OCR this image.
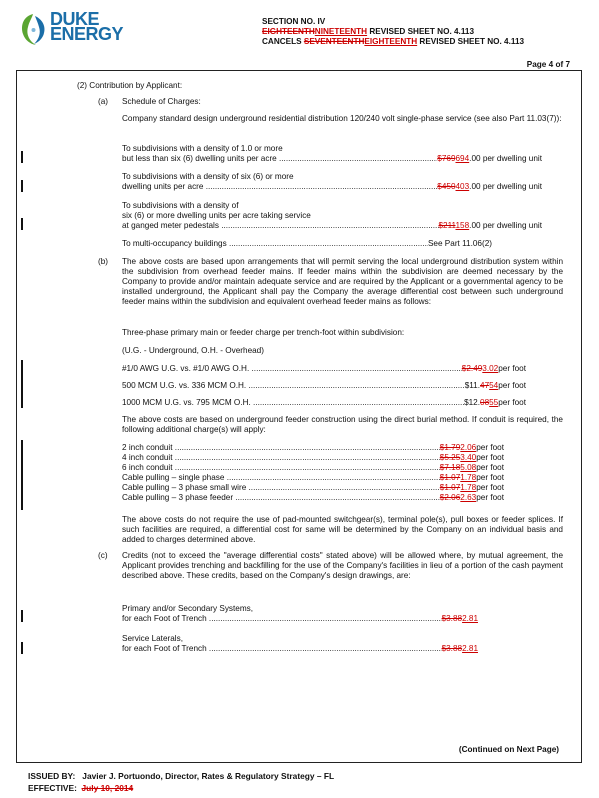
DUKE
ENERGY
SECTION NO. IV
EIGHTEENTHNINETEENTH REVISED SHEET NO. 4.113
CANCELS SEVENTEENTHEIGHTEENTH REVISED SHEET NO. 4.113
Page 4 of 7
(2) Contribution by Applicant:
(a) Schedule of Charges:
Company standard design underground residential distribution 120/240 volt single-phase service (see also Part 11.03(7)):
To subdivisions with a density of 1.0 or more
but less than six (6) dwelling units per acre .....	$769694.00 per dwelling unit
To subdivisions with a density of six (6) or more
dwelling units per acre .....	$450403.00 per dwelling unit
To subdivisions with a density of
six (6) or more dwelling units per acre taking service
at ganged meter pedestals .....	$211158.00 per dwelling unit
To multi-occupancy buildings .....	See Part 11.06(2)
(b) The above costs are based upon arrangements that will permit serving the local underground distribution system within the subdivision from overhead feeder mains. If feeder mains within the subdivision are deemed necessary by the Company to provide and/or maintain adequate service and are required by the Applicant or a governmental agency to be installed underground, the Applicant shall pay the Company the average differential cost between such underground feeder mains within the subdivision and equivalent overhead feeder mains as follows:
Three-phase primary main or feeder charge per trench-foot within subdivision:
(U.G. - Underground, O.H. - Overhead)
#1/0 AWG U.G. vs. #1/0 AWG O.H. .....	$2.493.02per foot
500 MCM U.G. vs. 336 MCM O.H. .....	$11.4754per foot
1000 MCM U.G. vs. 795 MCM O.H. .....	$12.0855per foot
The above costs are based on underground feeder construction using the direct burial method. If conduit is required, the following additional charge(s) will apply:
2 inch conduit .....	$1.79 2.06 per foot
4 inch conduit .....	$5.25 3.40 per foot
6 inch conduit .....	$7.18 5.08 per foot
Cable pulling – single phase .....	$1.07 1.78 per foot
Cable pulling – 3 phase small wire .....	$1.07 1.78 per foot
Cable pulling – 3 phase feeder .....	$2.06 2.63 per foot
The above costs do not require the use of pad-mounted switchgear(s), terminal pole(s), pull boxes or feeder splices. If such facilities are required, a differential cost for same will be determined by the Company on an individual basis and added to charges determined above.
(c) Credits (not to exceed the "average differential costs" stated above) will be allowed where, by mutual agreement, the Applicant provides trenching and backfilling for the use of the Company's facilities in lieu of a portion of the cash payment described above. These credits, based on the Company's design drawings, are:
Primary and/or Secondary Systems,
for each Foot of Trench .....	$3.88 2.81
Service Laterals,
for each Foot of Trench .....	$3.88 2.81
(Continued on Next Page)
ISSUED BY: Javier J. Portuondo, Director, Rates & Regulatory Strategy – FL
EFFECTIVE: July 10, 2014
